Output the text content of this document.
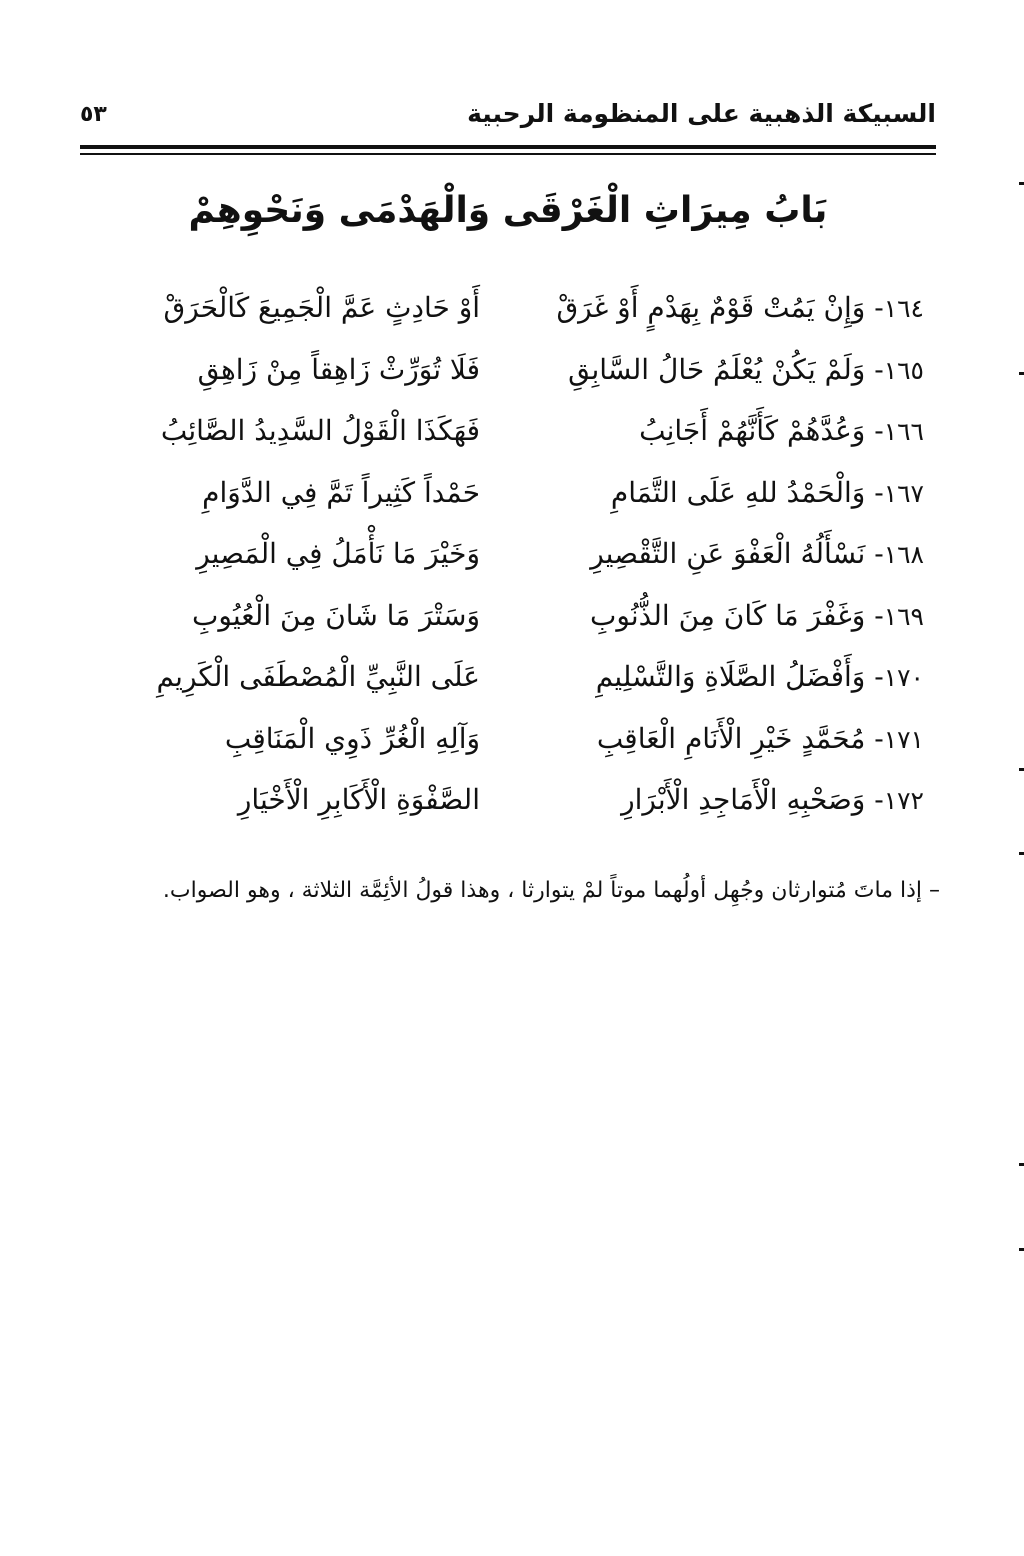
السبيكة الذهبية على المنظومة الرحبية
٥٣
بَابُ مِيرَاثِ الْغَرْقَى وَالْهَدْمَى وَنَحْوِهِمْ
١٦٤- وَإِنْ يَمُتْ قَوْمٌ بِهَدْمٍ أَوْ غَرَقْ
أَوْ حَادِثٍ عَمَّ الْجَمِيعَ كَالْحَرَقْ
١٦٥- وَلَمْ يَكُنْ يُعْلَمُ حَالُ السَّابِقِ
فَلَا تُوَرِّثْ زَاهِقاً مِنْ زَاهِقِ
١٦٦- وَعُدَّهُمْ كَأَنَّهُمْ أَجَانِبُ
فَهَكَذَا الْقَوْلُ السَّدِيدُ الصَّائِبُ
١٦٧- وَالْحَمْدُ للهِ عَلَى التَّمَامِ
حَمْداً كَثِيراً تَمَّ فِي الدَّوَامِ
١٦٨- نَسْأَلُهُ الْعَفْوَ عَنِ التَّقْصِيرِ
وَخَيْرَ مَا نَأْمَلُ فِي الْمَصِيرِ
١٦٩- وَغَفْرَ مَا كَانَ مِنَ الذُّنُوبِ
وَسَتْرَ مَا شَانَ مِنَ الْعُيُوبِ
١٧٠- وَأَفْضَلُ الصَّلَاةِ وَالتَّسْلِيمِ
عَلَى النَّبِيِّ الْمُصْطَفَى الْكَرِيمِ
١٧١- مُحَمَّدٍ خَيْرِ الْأَنَامِ الْعَاقِبِ
وَآلِهِ الْغُرِّ ذَوِي الْمَنَاقِبِ
١٧٢- وَصَحْبِهِ الْأَمَاجِدِ الْأَبْرَارِ
الصَّفْوَةِ الْأَكَابِرِ الْأَخْيَارِ
– إذا ماتَ مُتوارثان وجُهِل أولُهما موتاً لمْ يتوارثا ، وهذا قولُ الأئِمَّة الثلاثة ، وهو الصواب.
